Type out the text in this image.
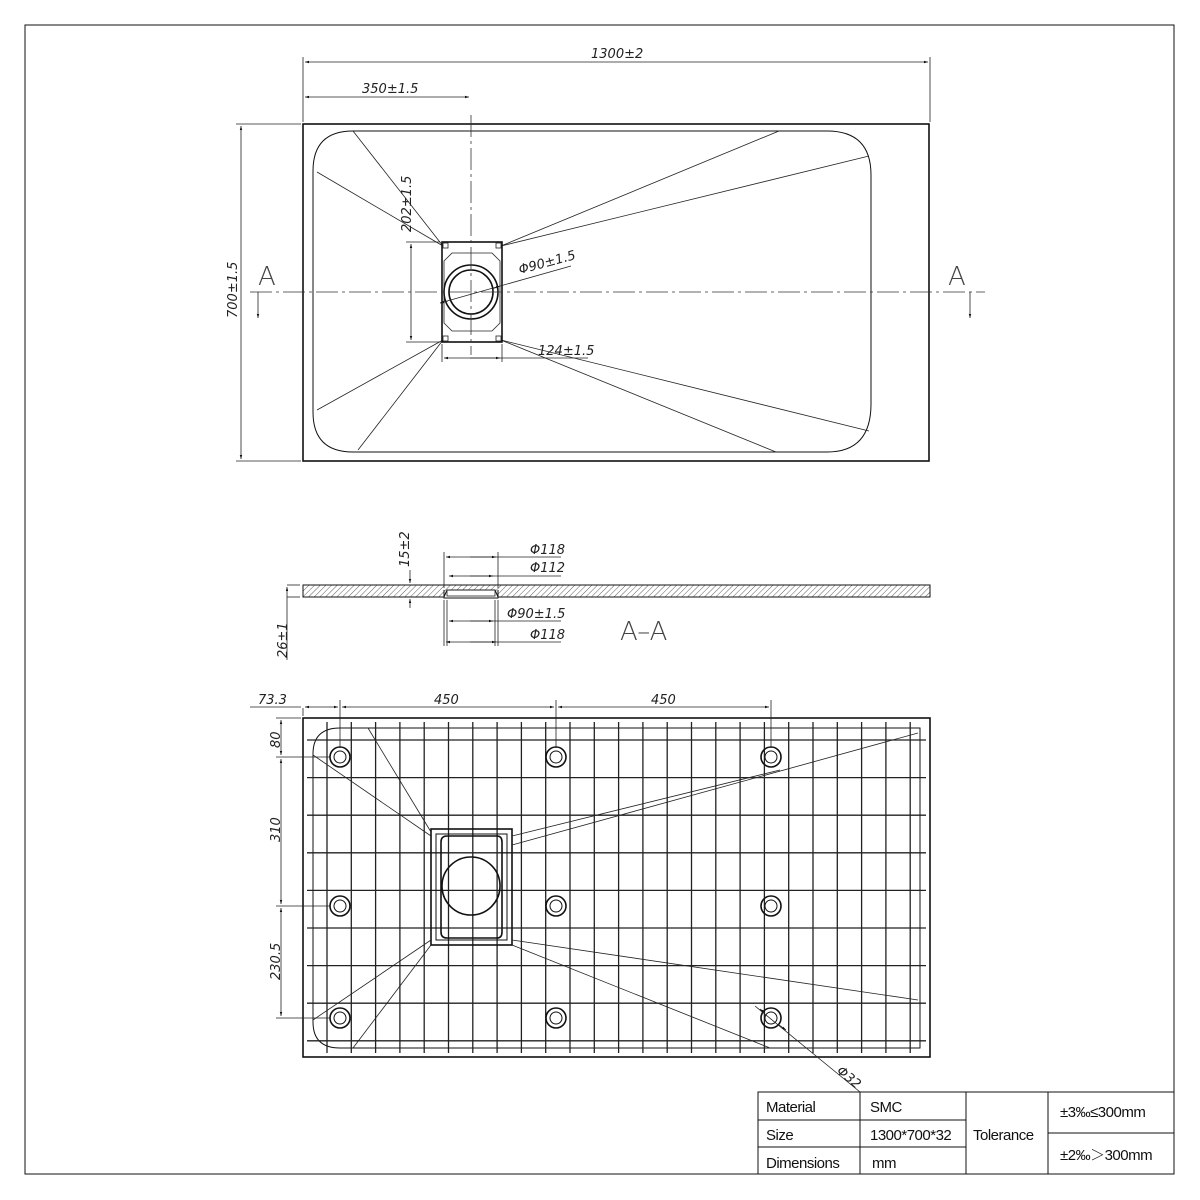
A	A
1300±2
350±1.5
700±1.5
202±1.5
Φ90±1.5
124±1.5
15±2
26±1
Φ118
Φ112
Φ90±1.5
Φ118 A–A
73.3	450	450
80
310
230.5
Φ32
Material	SMC
Size	1300*700*32
Dimensions mm
Tolerance
±3‰≤300mm
±2‰＞300mm
